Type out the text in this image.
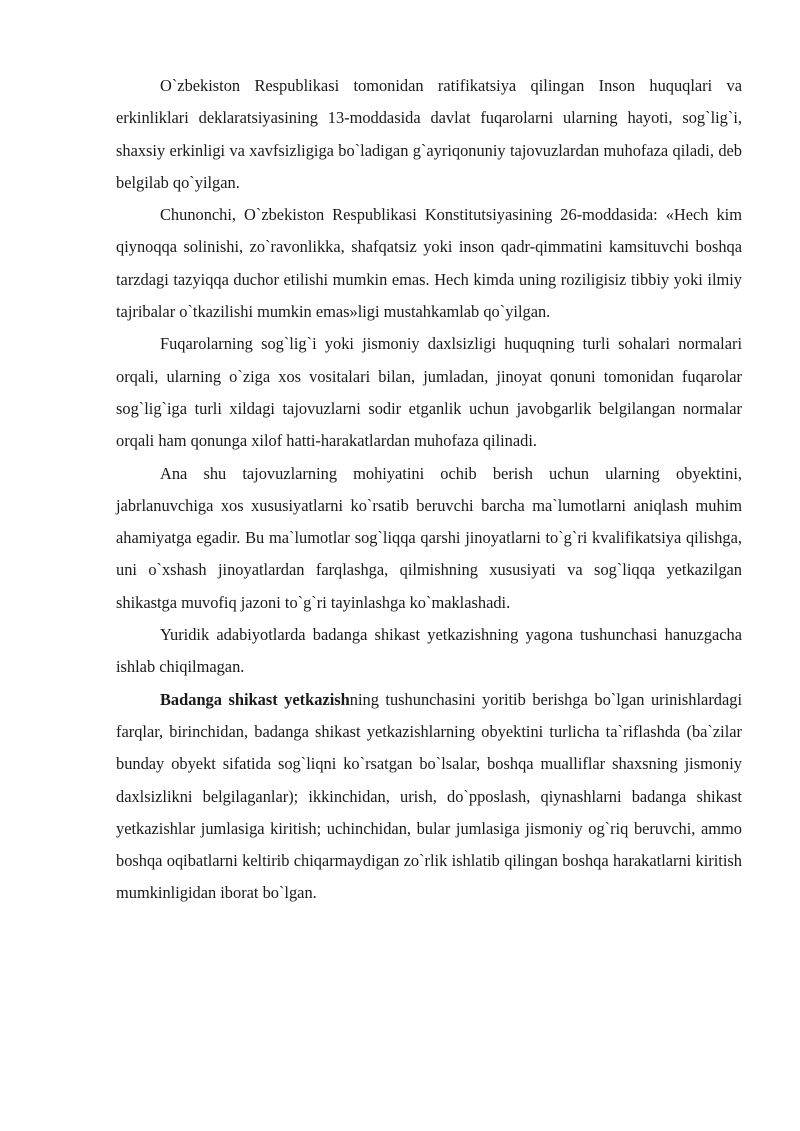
O`zbekiston Respublikasi tomonidan ratifikatsiya qilingan Inson huquqlari va erkinliklari deklaratsiyasining 13-moddasida davlat fuqarolarni ularning hayoti, sog`lig`i, shaxsiy erkinligi va xavfsizligiga bo`ladigan g`ayriqonuniy tajovuzlardan muhofaza qiladi, deb belgilab qo`yilgan.

Chunonchi, O`zbekiston Respublikasi Konstitutsiyasining 26-moddasida: «Hech kim qiynoqqa solinishi, zo`ravonlikka, shafqatsiz yoki inson qadr-qimmatini kamsituvchi boshqa tarzdagi tazyiqqa duchor etilishi mumkin emas. Hech kimda uning roziligisiz tibbiy yoki ilmiy tajribalar o`tkazilishi mumkin emas»ligi mustahkamlab qo`yilgan.

Fuqarolarning sog`lig`i yoki jismoniy daxlsizligi huquqning turli sohalari normalari orqali, ularning o`ziga xos vositalari bilan, jumladan, jinoyat qonuni tomonidan fuqarolar sog`lig`iga turli xildagi tajovuzlarni sodir etganlik uchun javobgarlik belgilangan normalar orqali ham qonunga xilof hatti-harakatlardan muhofaza qilinadi.

Ana shu tajovuzlarning mohiyatini ochib berish uchun ularning obyektini, jabrlanuvchiga xos xususiyatlarni ko`rsatib beruvchi barcha ma`lumotlarni aniqlash muhim ahamiyatga egadir. Bu ma`lumotlar sog`liqqa qarshi jinoyatlarni to`g`ri kvalifikatsiya qilishga, uni o`xshash jinoyatlardan farqlashga, qilmishning xususiyati va sog`liqqa yetkazilgan shikastga muvofiq jazoni to`g`ri tayinlashga ko`maklashadi.

Yuridik adabiyotlarda badanga shikast yetkazishning yagona tushunchasi hanuzgacha ishlab chiqilmagan.

Badanga shikast yetkazishning tushunchasini yoritib berishga bo`lgan urinishlardagi farqlar, birinchidan, badanga shikast yetkazishlarning obyektini turlicha ta`riflashda (ba`zilar bunday obyekt sifatida sog`liqni ko`rsatgan bo`lsalar, boshqa mualliflar shaxsning jismoniy daxlsizlikni belgilaganlar); ikkinchidan, urish, do`pposlash, qiynashlarni badanga shikast yetkazishlar jumlasiga kiritish; uchinchidan, bular jumlasiga jismoniy og`riq beruvchi, ammo boshqa oqibatlarni keltirib chiqarmaydigan zo`rlik ishlatib qilingan boshqa harakatlarni kiritish mumkinligidan iborat bo`lgan.
